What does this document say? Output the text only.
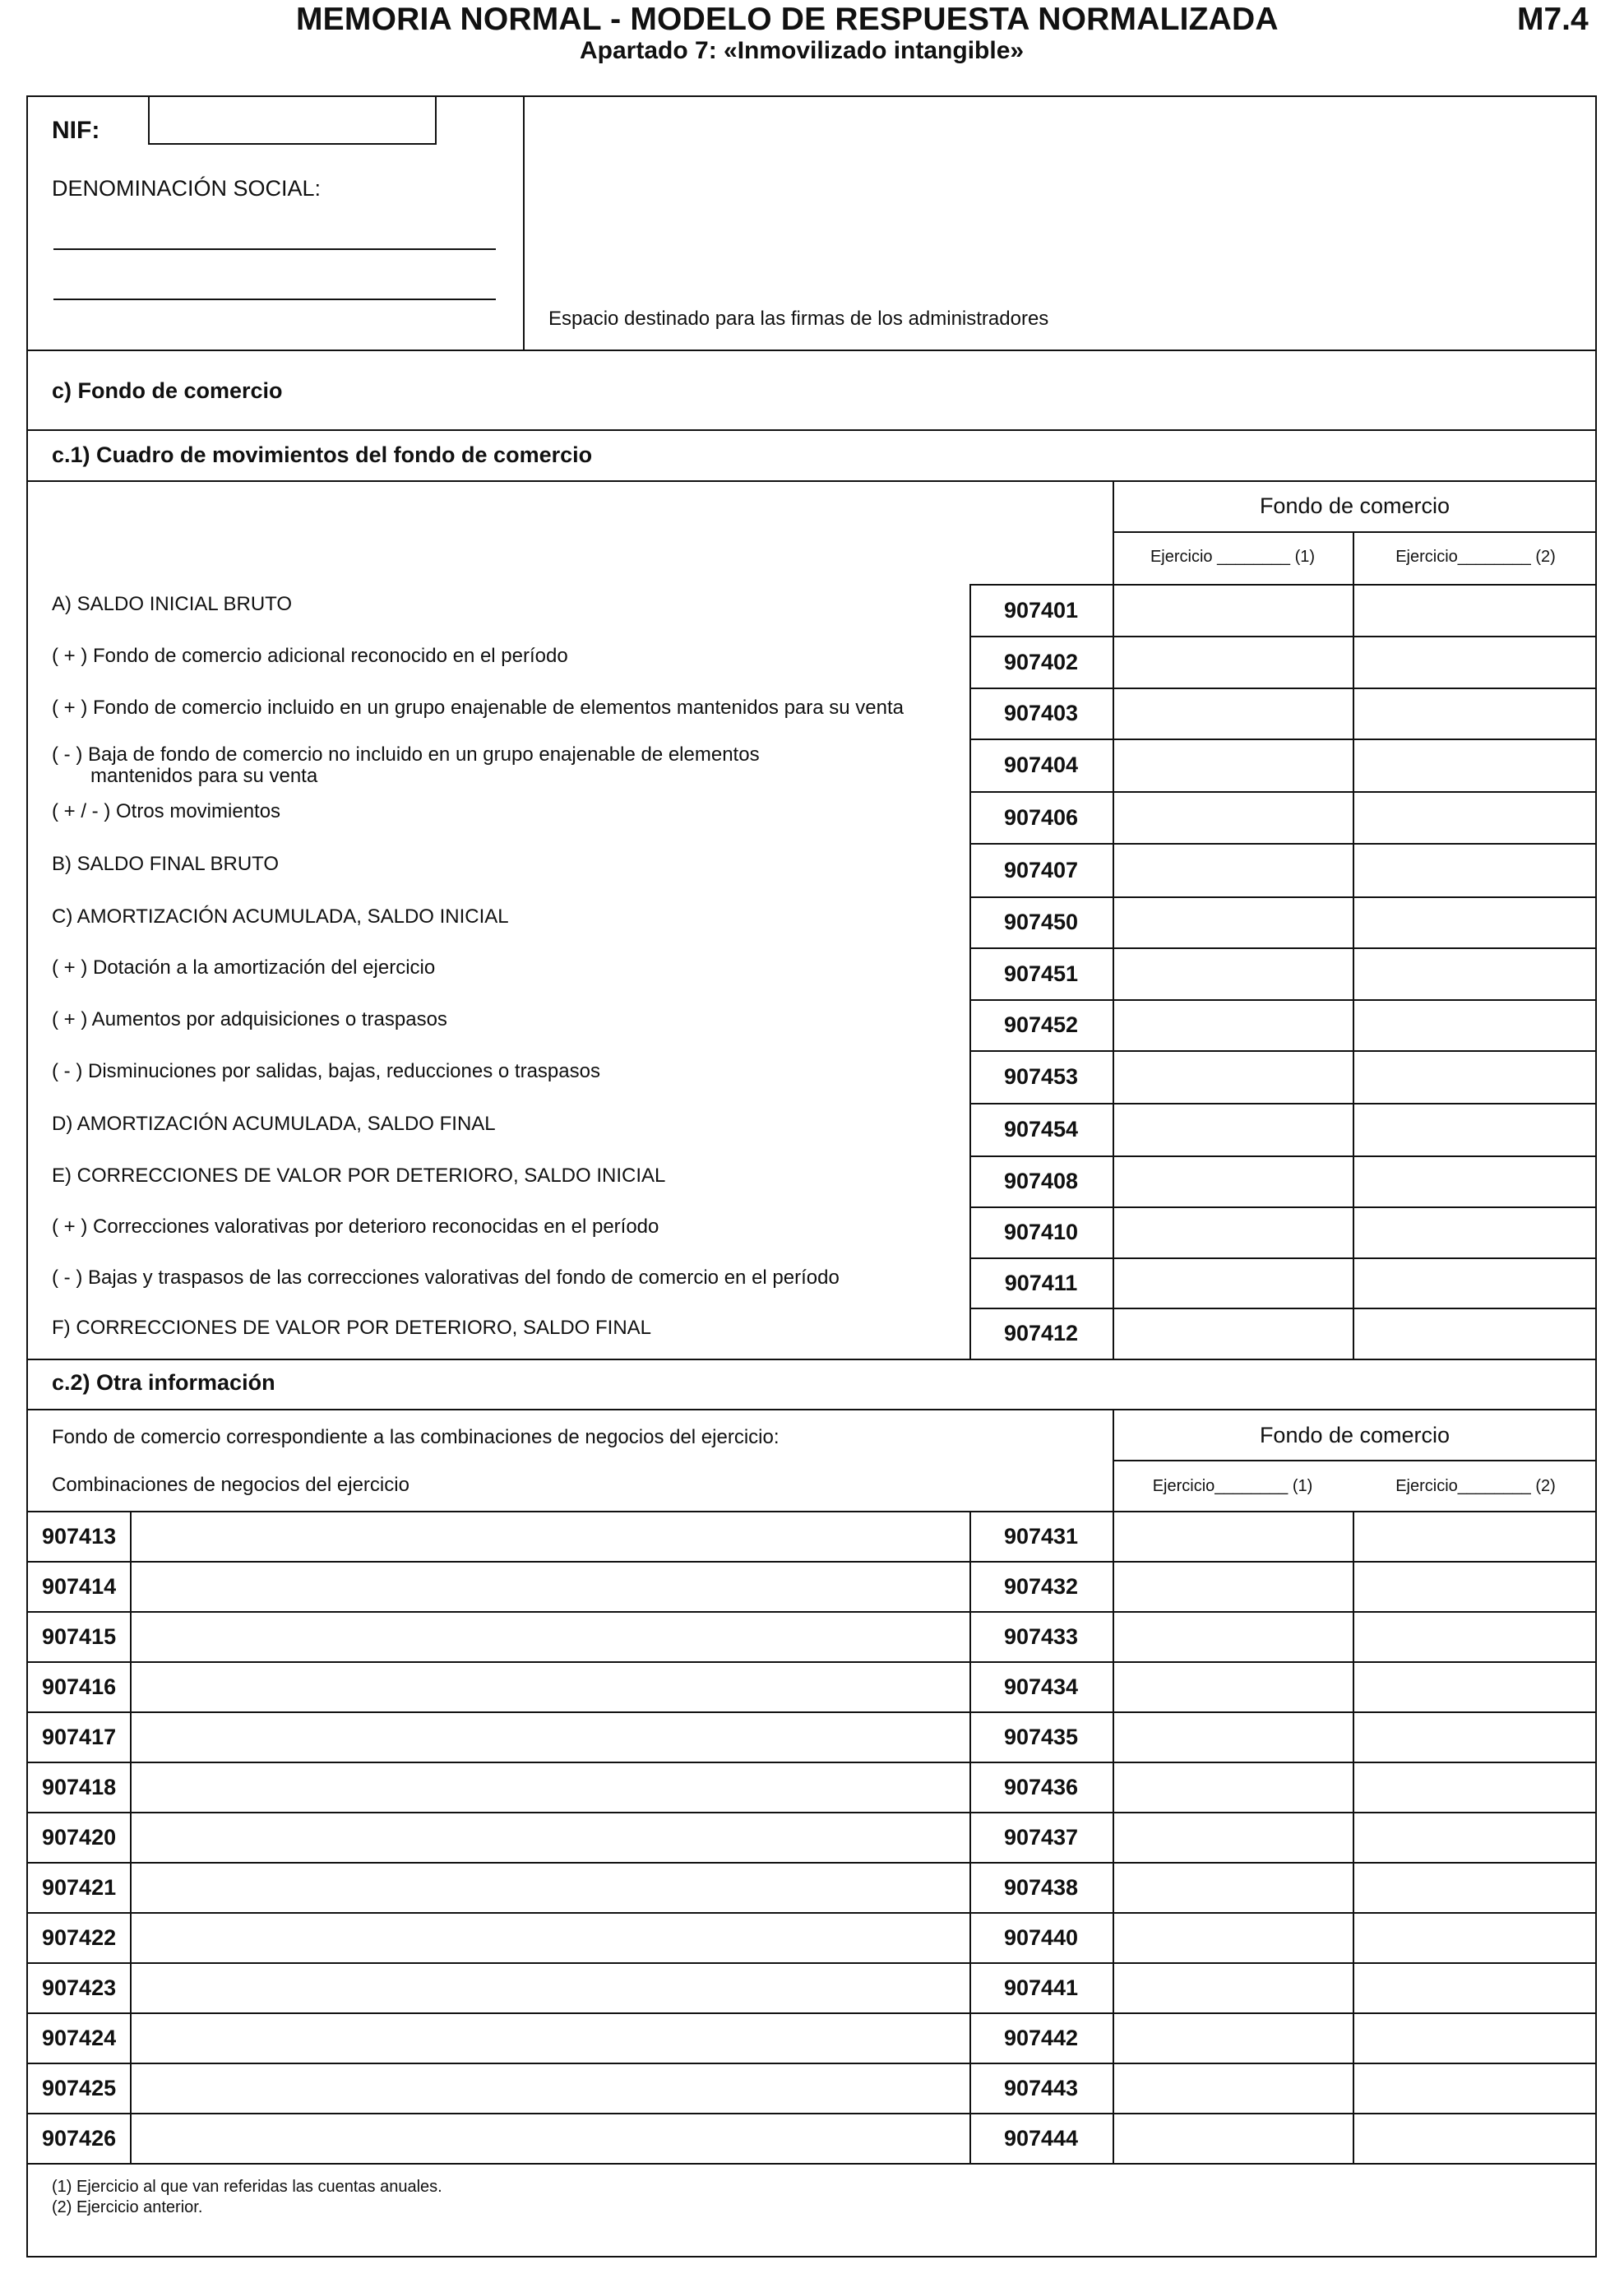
MEMORIA NORMAL - MODELO DE RESPUESTA NORMALIZADA	M7.4
Apartado 7: «Inmovilizado intangible»
NIF:
DENOMINACIÓN SOCIAL:
Espacio destinado para las firmas de los administradores
c) Fondo de comercio
c.1) Cuadro de movimientos del fondo de comercio
Fondo de comercio
Ejercicio ________ (1)	Ejercicio________ (2)
A) SALDO INICIAL BRUTO	907401
( + ) Fondo de comercio adicional reconocido en el período	907402
( + ) Fondo de comercio incluido en un grupo enajenable de elementos mantenidos para su venta	907403
( - ) Baja de fondo de comercio no incluido en un grupo enajenable de elementos
mantenidos para su venta	907404
( + / - ) Otros movimientos	907406
B) SALDO FINAL BRUTO	907407
C) AMORTIZACIÓN ACUMULADA, SALDO INICIAL	907450
( + ) Dotación a la amortización del ejercicio	907451
( + ) Aumentos por adquisiciones o traspasos	907452
( - ) Disminuciones por salidas, bajas, reducciones o traspasos	907453
D) AMORTIZACIÓN ACUMULADA, SALDO FINAL	907454
E) CORRECCIONES DE VALOR POR DETERIORO, SALDO INICIAL	907408
( + ) Correcciones valorativas por deterioro reconocidas en el período	907410
( - ) Bajas y traspasos de las correcciones valorativas del fondo de comercio en el período	907411
F) CORRECCIONES DE VALOR POR DETERIORO, SALDO FINAL	907412
c.2) Otra información
Fondo de comercio correspondiente a las combinaciones de negocios del ejercicio:
Combinaciones de negocios del ejercicio
Fondo de comercio
Ejercicio________ (1)	Ejercicio________ (2)
907413	907431
907414	907432
907415	907433
907416	907434
907417	907435
907418	907436
907420	907437
907421	907438
907422	907440
907423	907441
907424	907442
907425	907443
907426	907444
(1) Ejercicio al que van referidas las cuentas anuales.
(2) Ejercicio anterior.
